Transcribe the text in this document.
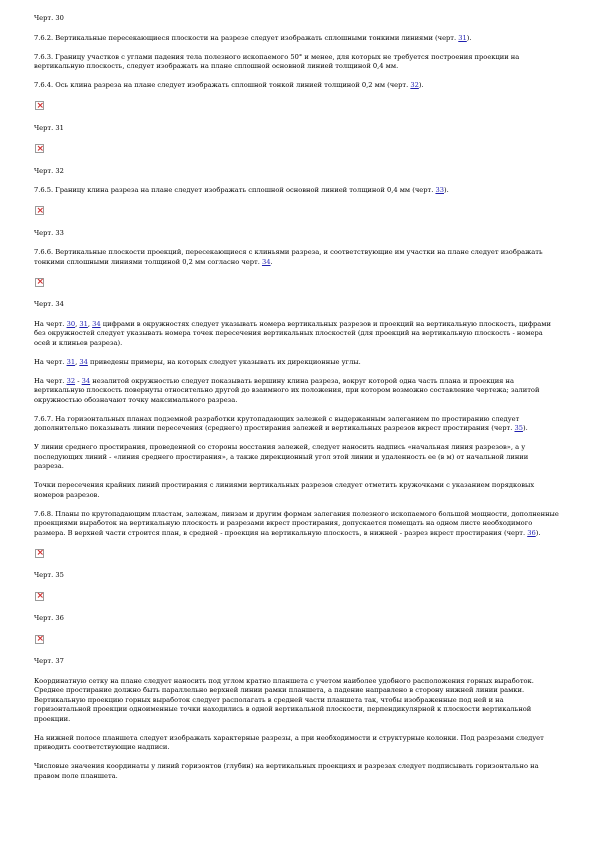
Черт. 30
7.6.2. Вертикальные пересекающиеся плоскости на разрезе следует изображать сплошными тонкими линиями (черт. 31).
7.6.3. Границу участков с углами падения тела полезного ископаемого 50° и менее, для которых не требуется построения проекции на вертикальную плоскость, следует изображать на плане сплошной основной линией толщиной 0,4 мм.
7.6.4. Ось клина разреза на плане следует изображать сплошной тонкой линией толщиной 0,2 мм (черт. 32).
×
Черт. 31
×
Черт. 32
7.6.5. Границу клина разреза на плане следует изображать сплошной основной линией толщиной 0,4 мм (черт. 33).
×
Черт. 33
7.6.6. Вертикальные плоскости проекций, пересекающиеся с клиньями разреза, и соответствующие им участки на плане следует изображать тонкими сплошными линиями толщиной 0,2 мм согласно черт. 34.
×
Черт. 34
На черт. 30, 31, 34 цифрами в окружностях следует указывать номера вертикальных разрезов и проекций на вертикальную плоскость, цифрами без окружностей следует указывать номера точек пересечения вертикальных плоскостей (для проекций на вертикальную плоскость - номера осей и клиньев разреза).
На черт. 31, 34 приведены примеры, на которых следует указывать их дирекционные углы.
На черт. 32 - 34 незалитой окружностью следует показывать вершину клина разреза, вокруг которой одна часть плана и проекция на вертикальную плоскость повернуты относительно другой до взаимного их положения, при котором возможно составление чертежа; залитой окружностью обозначают точку максимального разреза.
7.6.7. На горизонтальных планах подземной разработки крутопадающих залежей с выдержанным залеганием по простиранию следует дополнительно показывать линии пересечения (среднего) простирания залежей и вертикальных разрезов вкрест простирания (черт. 35).
У линии среднего простирания, проведенной со стороны восстания залежей, следует наносить надпись «начальная линия разрезов», а у последующих линий - «линия среднего простирания», а также дирекционный угол этой линии и удаленность ее (в м) от начальной линии разреза.
Точки пересечения крайних линий простирания с линиями вертикальных разрезов следует отметить кружочками с указанием порядковых номеров разрезов.
7.6.8. Планы по крутопадающим пластам, залежам, линзам и другим формам залегания полезного ископаемого большой мощности, дополненные проекциями выработок на вертикальную плоскость и разрезами вкрест простирания, допускается помещать на одном листе необходимого размера. В верхней части строится план, в средней - проекция на вертикальную плоскость, в нижней - разрез вкрест простирания (черт. 36).
×
Черт. 35
×
Черт. 36
×
Черт. 37
Координатную сетку на плане следует наносить под углом кратно планшета с учетом наиболее удобного расположения горных выработок. Среднее простирание должно быть параллельно верхней линии рамки планшета, а падение направлено в сторону нижней линии рамки. Вертикальную проекцию горных выработок следует располагать в средней части планшета так, чтобы изображенные под ней и на горизонтальной проекции одноименные точки находились в одной вертикальной плоскости, перпендикулярной к плоскости вертикальной проекции.
На нижней полосе планшета следует изображать характерные разрезы, а при необходимости и структурные колонки. Под разрезами следует приводить соответствующие надписи.
Числовые значения координаты у линий горизонтов (глубин) на вертикальных проекциях и разрезах следует подписывать горизонтально на правом поле планшета.
